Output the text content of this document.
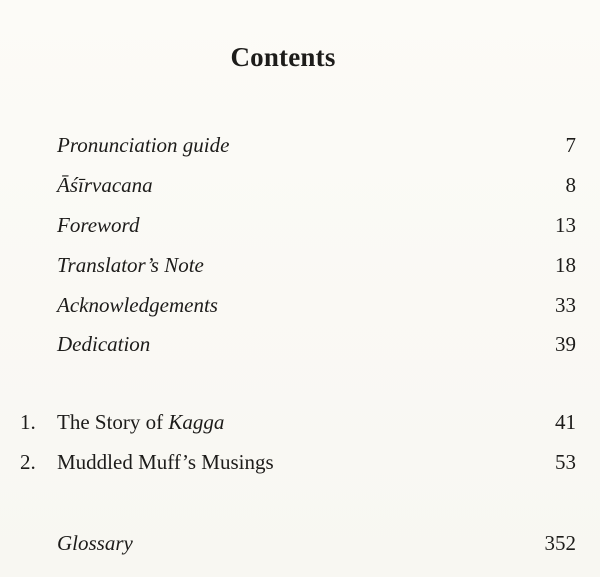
Contents
Pronunciation guide	7
Āśīrvacana	8
Foreword	13
Translator’s Note	18
Acknowledgements	33
Dedication	39
1. The Story of Kagga	41
2. Muddled Muff’s Musings	53
Glossary	352
